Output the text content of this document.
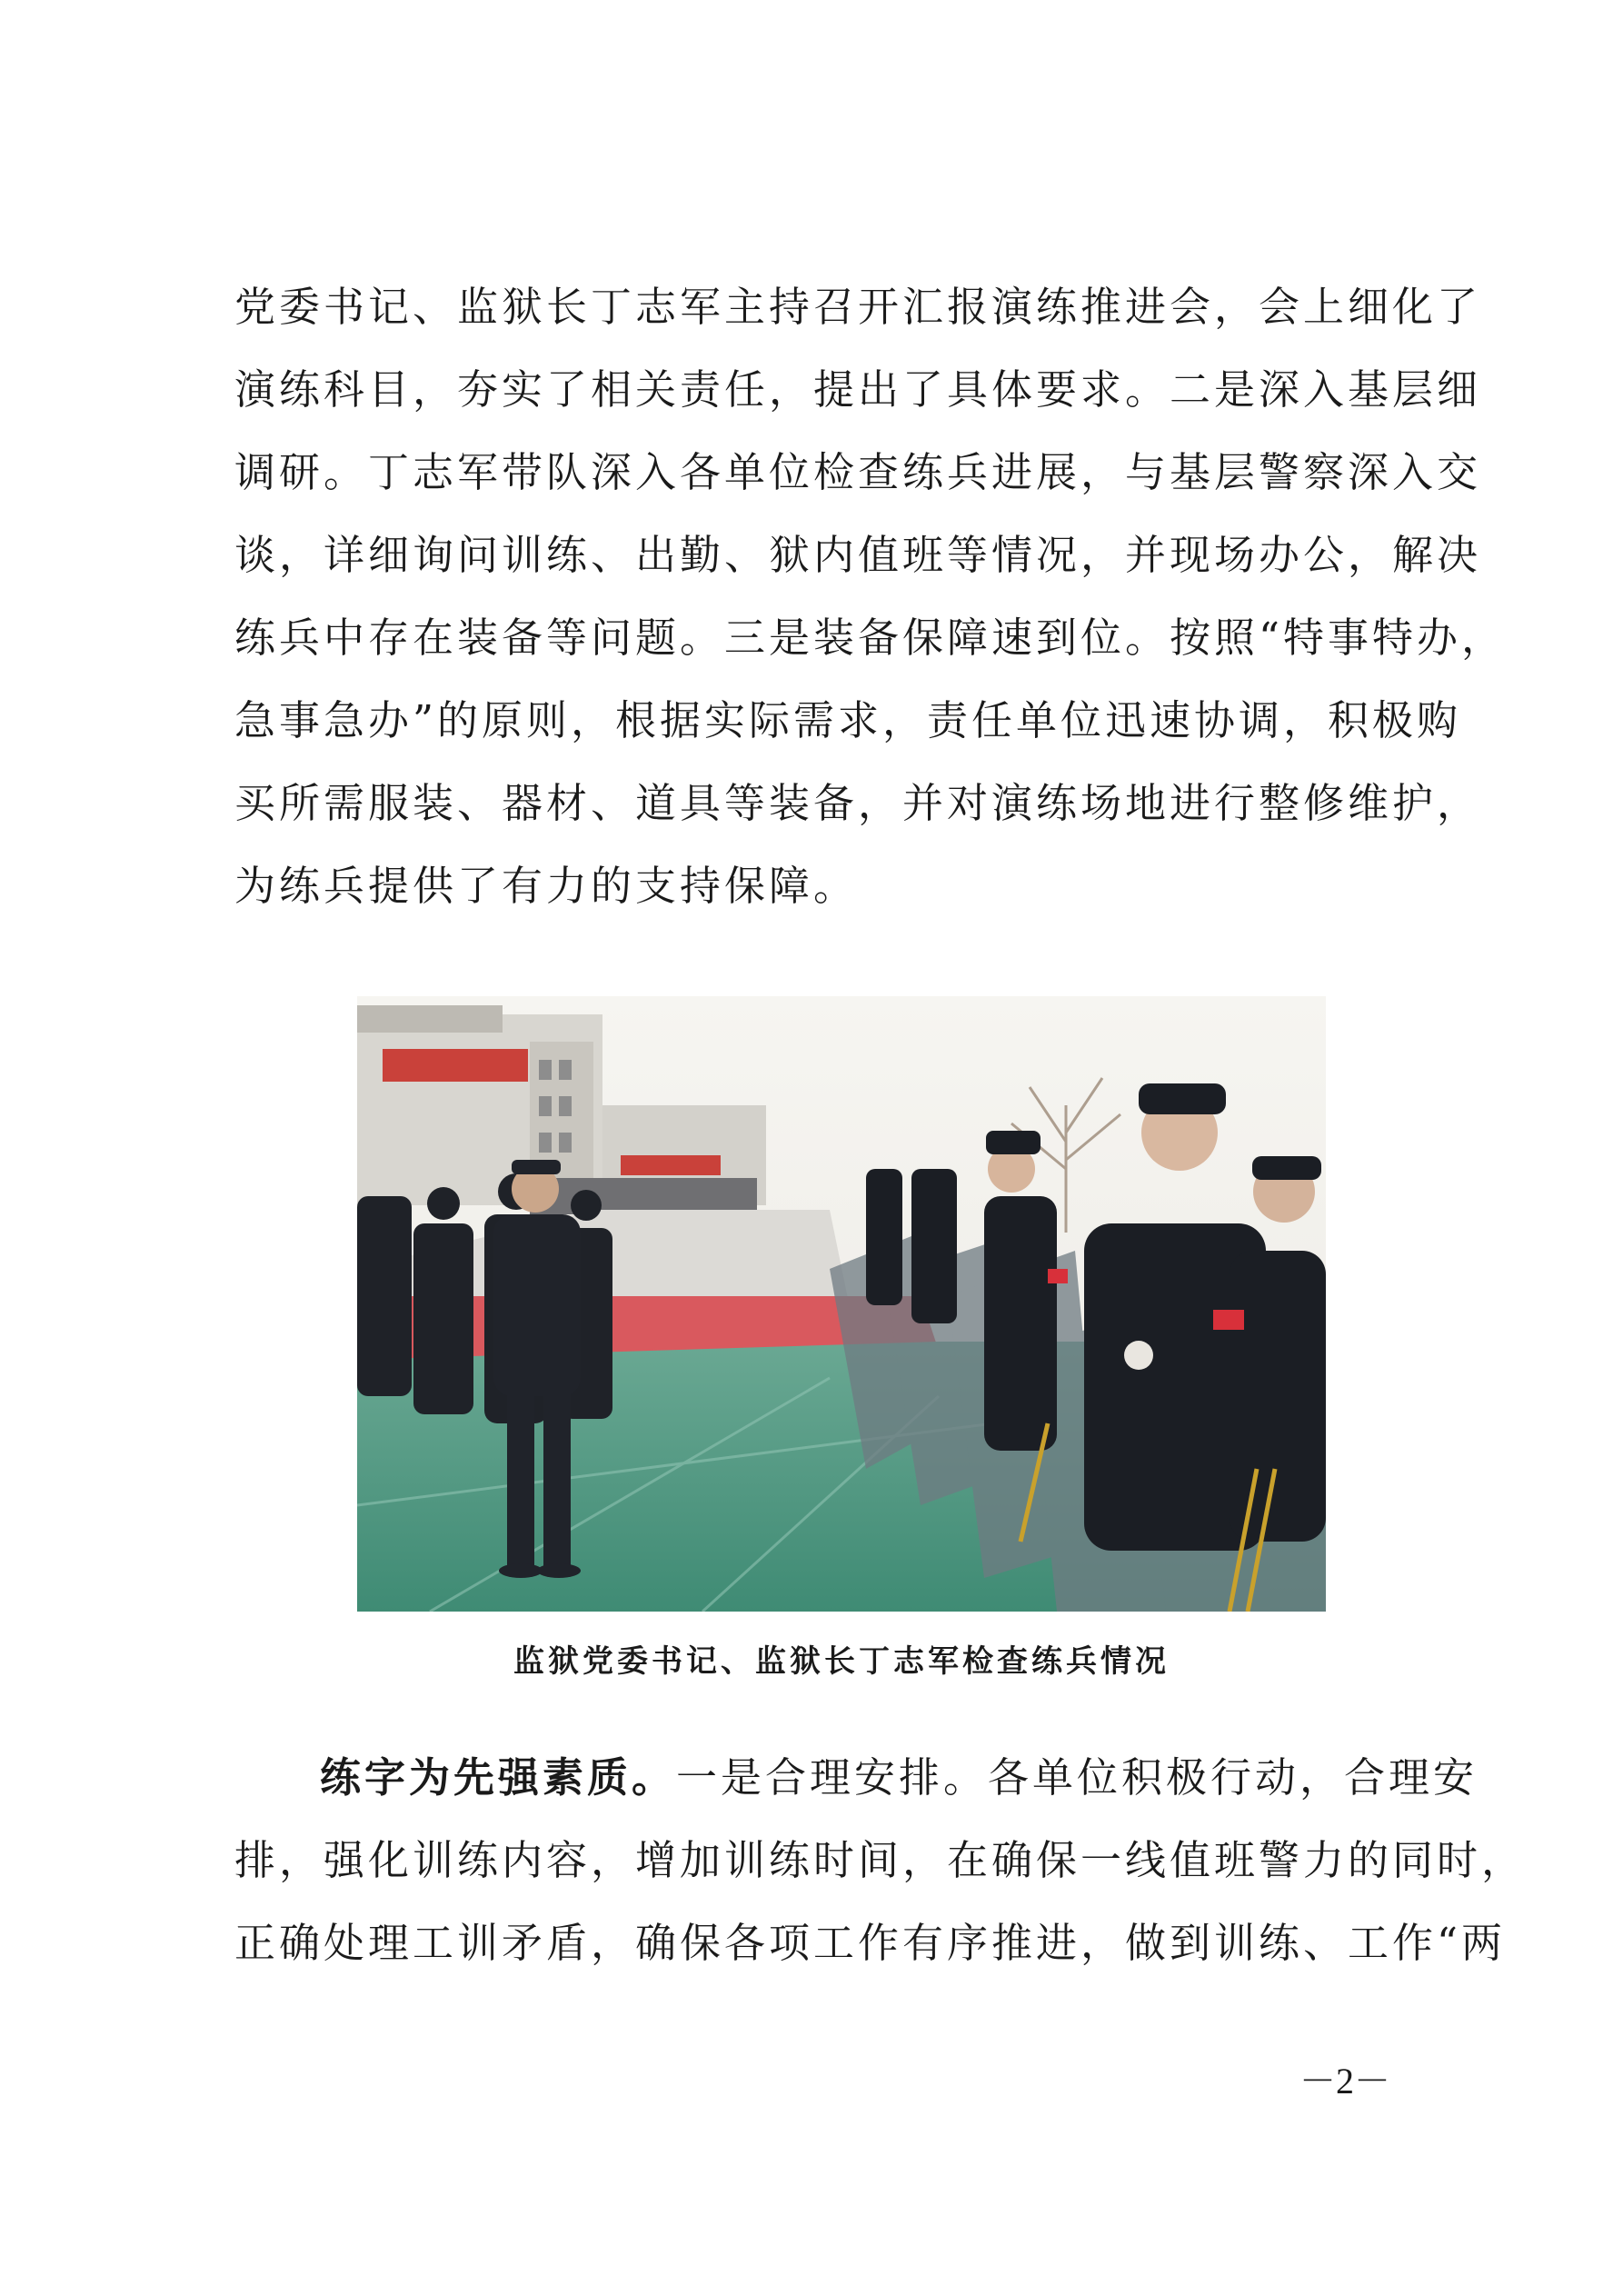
党委书记、监狱长丁志军主持召开汇报演练推进会，会上细化了
演练科目，夯实了相关责任，提出了具体要求。二是深入基层细
调研。丁志军带队深入各单位检查练兵进展，与基层警察深入交
谈，详细询问训练、出勤、狱内值班等情况，并现场办公，解决
练兵中存在装备等问题。三是装备保障速到位。按照“特事特办，
急事急办”的原则，根据实际需求，责任单位迅速协调，积极购
买所需服装、器材、道具等装备，并对演练场地进行整修维护，
为练兵提供了有力的支持保障。
监狱党委书记、监狱长丁志军检查练兵情况
练字为先强素质。一是合理安排。各单位积极行动，合理安
排，强化训练内容，增加训练时间，在确保一线值班警力的同时，
正确处理工训矛盾，确保各项工作有序推进，做到训练、工作“两
－2－
